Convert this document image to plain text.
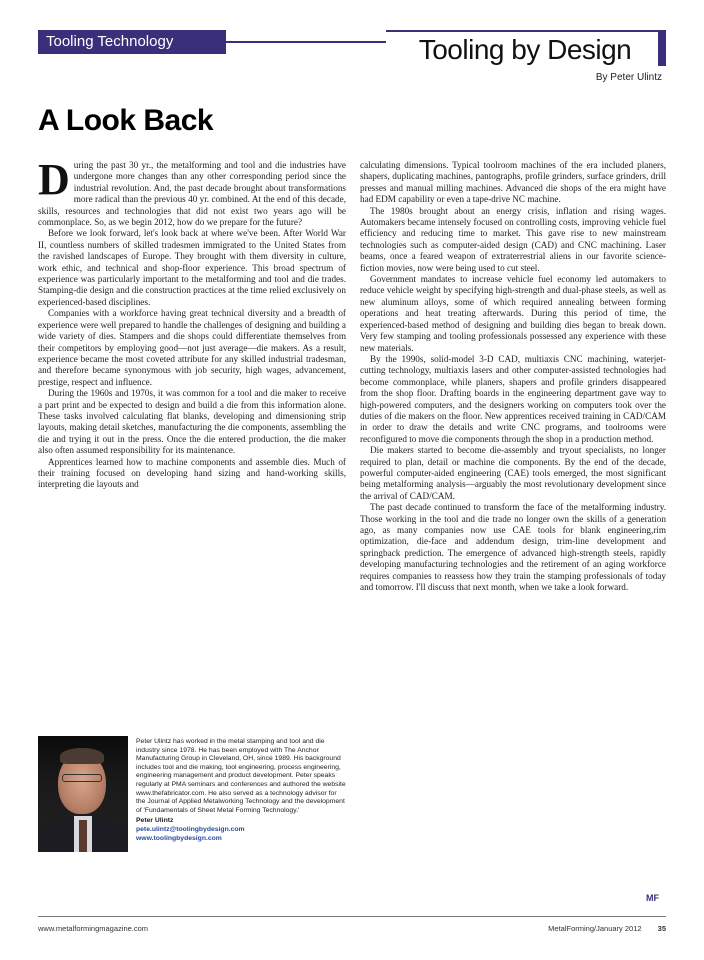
Tooling Technology	Tooling by Design
By Peter Ulintz
A Look Back

During the past 30 yr., the metalforming and tool and die industries have undergone more changes than any other corresponding period since the industrial revolution. And, the past decade brought about transformations more radical than the previous 40 yr. combined. At the end of this decade, skills, resources and technologies that did not exist two years ago will be commonplace. So, as we begin 2012, how do we prepare for the future?

Before we look forward, let's look back at where we've been. After World War II, countless numbers of skilled tradesmen immigrated to the United States from the ravished landscapes of Europe. They brought with them diversity in culture, work ethic, and technical and shop-floor experience. This broad spectrum of experience was particularly important to the metalforming and tool and die trades. Stamping-die design and die construction practices at the time relied exclusively on experienced-based disciplines.

Companies with a workforce having great technical diversity and a breadth of experience were well prepared to handle the challenges of designing and building a wide variety of dies. Stampers and die shops could differentiate themselves from their competitors by employing good—not just average—die makers. As a result, experience became the most coveted attribute for any skilled industrial tradesman, and therefore became synonymous with job security, high wages, advancement, prestige, respect and influence.

During the 1960s and 1970s, it was common for a tool and die maker to receive a part print and be expected to design and build a die from this information alone. These tasks involved calculating flat blanks, developing and dimensioning strip layouts, making detail sketches, manufacturing the die components, assembling the die and trying it out in the press. Once the die entered production, the die maker also often assumed responsibility for its maintenance.

Apprentices learned how to machine components and assemble dies. Much of their training focused on developing hand sizing and hand-working skills, interpreting die layouts and

calculating dimensions. Typical toolroom machines of the era included planers, shapers, duplicating machines, pantographs, profile grinders, surface grinders, drill presses and manual milling machines. Advanced die shops of the era might have had EDM capability or even a tape-drive NC machine.

The 1980s brought about an energy crisis, inflation and rising wages. Automakers became intensely focused on controlling costs, improving vehicle fuel efficiency and reducing time to market. This gave rise to new mainstream technologies such as computer-aided design (CAD) and CNC machining. Laser beams, once a feared weapon of extraterrestrial aliens in our favorite science-fiction movies, now were being used to cut steel.

Government mandates to increase vehicle fuel economy led automakers to reduce vehicle weight by specifying high-strength and dual-phase steels, as well as new aluminum alloys, some of which required annealing between forming operations and heat treating afterwards. During this period of time, the experienced-based method of designing and building dies began to break down. Very few stamping and tooling professionals possessed any experience with these new materials.

By the 1990s, solid-model 3-D CAD, multiaxis CNC machining, waterjet-cutting technology, multiaxis lasers and other computer-assisted technologies had become commonplace, while planers, shapers and profile grinders disappeared from the shop floor. Drafting boards in the engineering department gave way to high-powered computers, and the designers working on computers took over the duties of die makers on the floor. New apprentices received training in CAD/CAM in order to draw the details and write CNC programs, and toolrooms were reconfigured to move die components through the shop in a production method.

Die makers started to become die-assembly and tryout specialists, no longer required to plan, detail or machine die components. By the end of the decade, powerful computer-aided engineering (CAE) tools emerged, the most significant being metalforming analysis—arguably the most revolutionary development since the arrival of CAD/CAM.

The past decade continued to transform the face of the metalforming industry. Those working in the tool and die trade no longer own the skills of a generation ago, as many companies now use CAE tools for blank engineering,rim optimization, die-face and addendum design, trim-line development and springback prediction. The emergence of advanced high-strength steels, rapidly developing manufacturing technologies and the retirement of an aging workforce requires companies to reassess how they train the stamping professionals of today and tomorrow. I'll discuss that next month, when we take a look forward.

Peter Ulintz has worked in the metal stamping and tool and die industry since 1978. He has been employed with The Anchor Manufacturing Group in Cleveland, OH, since 1989. His background includes tool and die making, tool engineering, process engineering, engineering management and product development. Peter speaks regularly at PMA seminars and conferences and authored the website www.thefabricator.com. He also served as a technology advisor for the Journal of Applied Metalworking Technology and the development of 'Fundamentals of Sheet Metal Forming Technology.'
Peter Ulintz
pete.ulintz@toolingbydesign.com
www.toolingbydesign.com
MF
www.metalformingmagazine.com	MetalForming/January 2012 35
